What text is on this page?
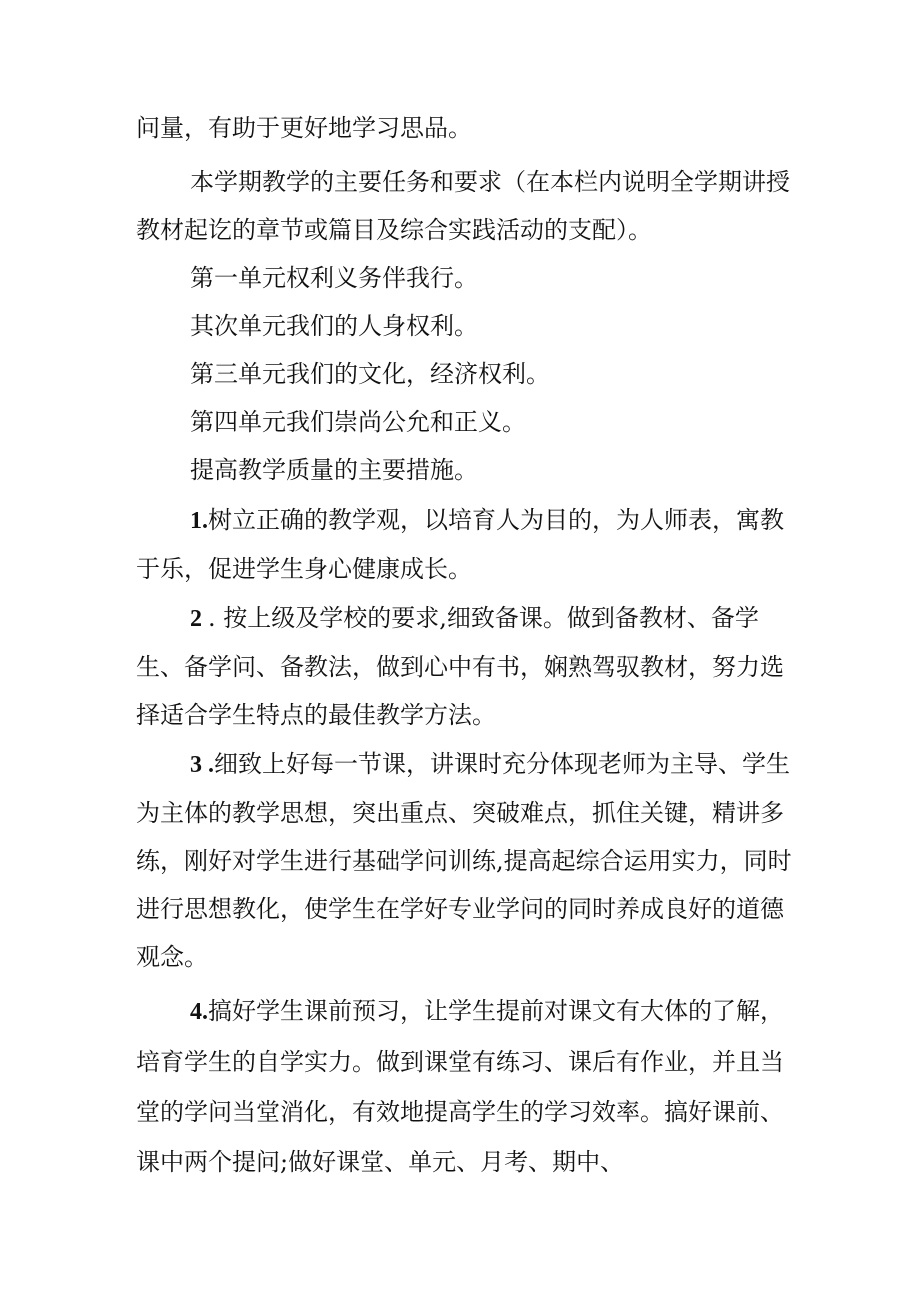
问量，有助于更好地学习思品。

本学期教学的主要任务和要求（在本栏内说明全学期讲授教材起讫的章节或篇目及综合实践活动的支配）。

第一单元权利义务伴我行。

其次单元我们的人身权利。

第三单元我们的文化，经济权利。

第四单元我们崇尚公允和正义。

提高教学质量的主要措施。

1.树立正确的教学观，以培育人为目的，为人师表，寓教于乐，促进学生身心健康成长。

2 . 按上级及学校的要求,细致备课。做到备教材、备学生、备学问、备教法，做到心中有书，娴熟驾驭教材，努力选择适合学生特点的最佳教学方法。

3 .细致上好每一节课，讲课时充分体现老师为主导、学生为主体的教学思想，突出重点、突破难点，抓住关键，精讲多练，刚好对学生进行基础学问训练,提高起综合运用实力，同时进行思想教化，使学生在学好专业学问的同时养成良好的道德观念。

4.搞好学生课前预习，让学生提前对课文有大体的了解，培育学生的自学实力。做到课堂有练习、课后有作业，并且当堂的学问当堂消化，有效地提高学生的学习效率。搞好课前、课中两个提问;做好课堂、单元、月考、期中、
